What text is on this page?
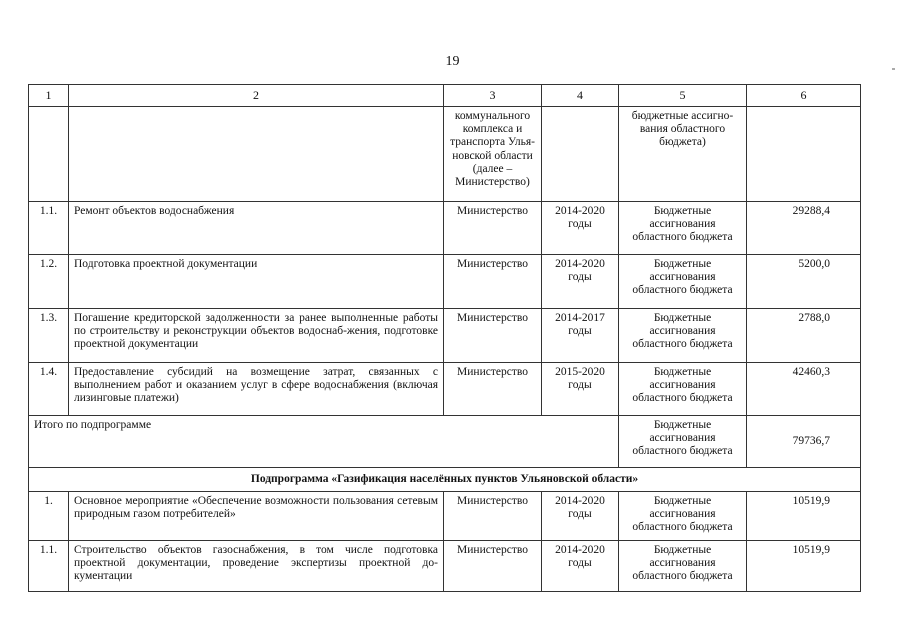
19
1	2	3	4	5	6
		коммунального комплекса и транспорта Улья-новской области (далее – Министерство)		бюджетные ассигно-вания областного бюджета)	
1.1.	Ремонт объектов водоснабжения	Министерство	2014-2020 годы	Бюджетные ассигнования областного бюджета	29288,4
1.2.	Подготовка проектной документации	Министерство	2014-2020 годы	Бюджетные ассигнования областного бюджета	5200,0
1.3.	Погашение кредиторской задолженности за ранее выполненные работы по строительству и реконструкции объектов водоснаб-жения, подготовке проектной документации	Министерство	2014-2017 годы	Бюджетные ассигнования областного бюджета	2788,0
1.4.	Предоставление субсидий на возмещение затрат, связанных с выполнением работ и оказанием услуг в сфере водоснабжения (включая лизинговые платежи)	Министерство	2015-2020 годы	Бюджетные ассигнования областного бюджета	42460,3
Итого по подпрограмме				Бюджетные ассигнования областного бюджета	79736,7
Подпрограмма «Газификация населённых пунктов Ульяновской области»					
1.	Основное мероприятие «Обеспечение возможности пользования сетевым природным газом потребителей»	Министерство	2014-2020 годы	Бюджетные ассигнования областного бюджета	10519,9
1.1.	Строительство объектов газоснабжения, в том числе подготовка проектной документации, проведение экспертизы проектной до-кументации	Министерство	2014-2020 годы	Бюджетные ассигнования областного бюджета	10519,9
